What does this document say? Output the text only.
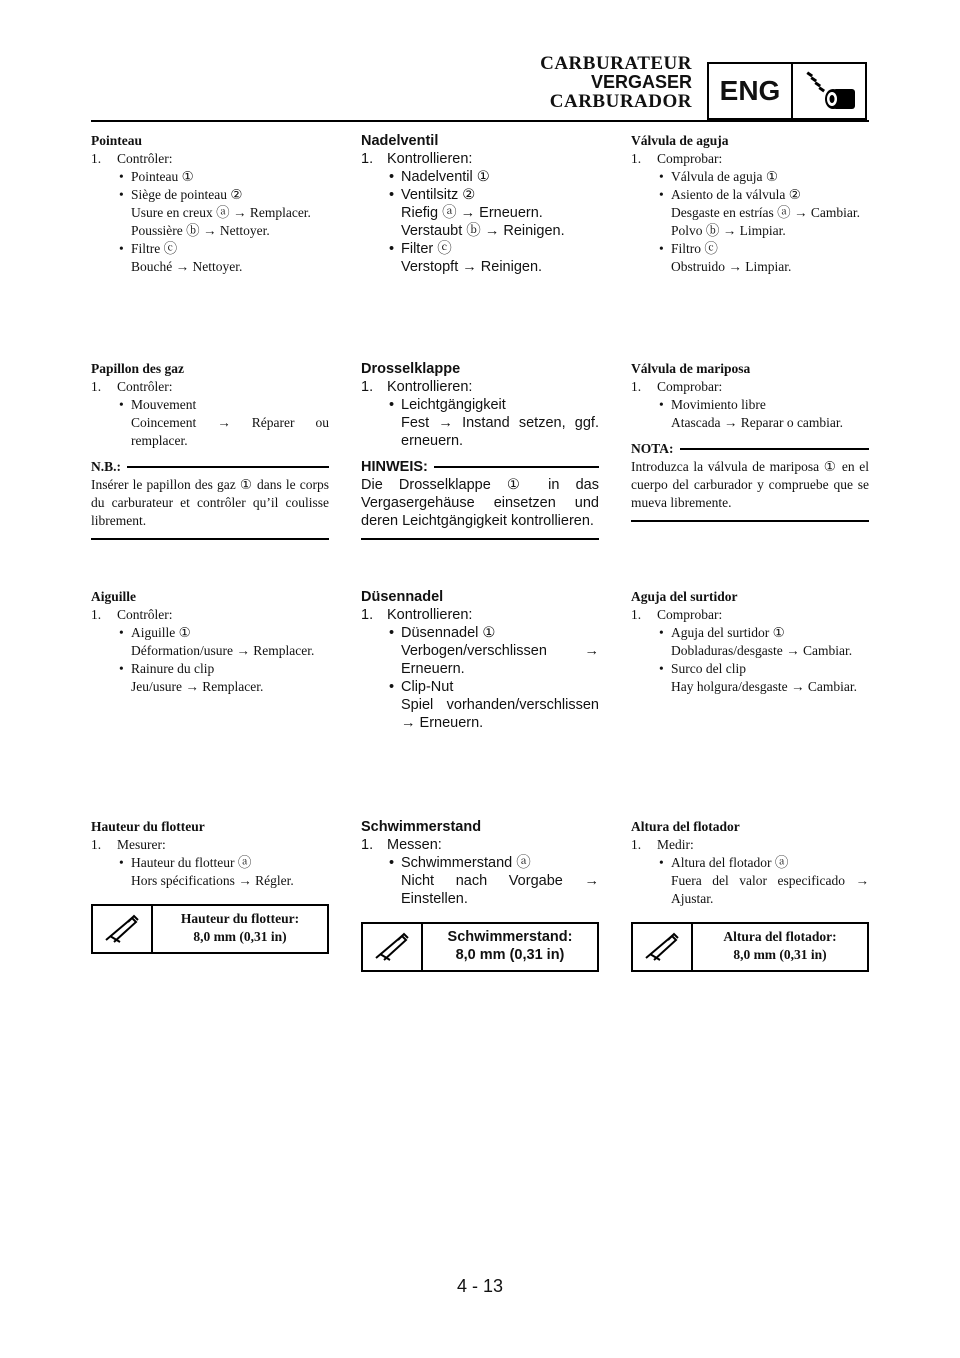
CARBURATEUR
VERGASER
CARBURADOR ENG
Pointeau
1. Contrôler:
• Pointeau ①
• Siège de pointeau ②
Usure en creux ⓐ → Remplacer.
Poussière ⓑ → Nettoyer.
• Filtre ⓒ
Bouché → Nettoyer.
Papillon des gaz
1. Contrôler:
• Mouvement
Coincement → Réparer ou remplacer.
N.B.:
Insérer le papillon des gaz ① dans le corps du carburateur et contrôler qu’il coulisse librement.
Aiguille
1. Contrôler:
• Aiguille ①
Déformation/usure → Remplacer.
• Rainure du clip
Jeu/usure → Remplacer.
Hauteur du flotteur
1. Mesurer:
• Hauteur du flotteur ⓐ
Hors spécifications → Régler.
Hauteur du flotteur:
8,0 mm (0,31 in)
Nadelventil
1. Kontrollieren:
• Nadelventil ①
• Ventilsitz ②
Riefig ⓐ → Erneuern.
Verstaubt ⓑ → Reinigen.
• Filter ⓒ
Verstopft → Reinigen.
Drosselklappe
1. Kontrollieren:
• Leichtgängigkeit
Fest → Instand setzen, ggf. erneuern.
HINWEIS:
Die Drosselklappe ① in das Vergasergehäuse einsetzen und deren Leichtgängigkeit kontrollieren.
Düsennadel
1. Kontrollieren:
• Düsennadel ①
Verbogen/verschlissen → Erneuern.
• Clip-Nut
Spiel vorhanden/verschlissen → Erneuern.
Schwimmerstand
1. Messen:
• Schwimmerstand ⓐ
Nicht nach Vorgabe → Einstellen.
Schwimmerstand:
8,0 mm (0,31 in)
Válvula de aguja
1. Comprobar:
• Válvula de aguja ①
• Asiento de la válvula ②
Desgaste en estrías ⓐ → Cambiar.
Polvo ⓑ → Limpiar.
• Filtro ⓒ
Obstruido → Limpiar.
Válvula de mariposa
1. Comprobar:
• Movimiento libre
Atascada → Reparar o cambiar.
NOTA:
Introduzca la válvula de mariposa ① en el cuerpo del carburador y compruebe que se mueva libremente.
Aguja del surtidor
1. Comprobar:
• Aguja del surtidor ①
Dobladuras/desgaste → Cambiar.
• Surco del clip
Hay holgura/desgaste → Cambiar.
Altura del flotador
1. Medir:
• Altura del flotador ⓐ
Fuera del valor especificado → Ajustar.
Altura del flotador:
8,0 mm (0,31 in)
4 - 13
